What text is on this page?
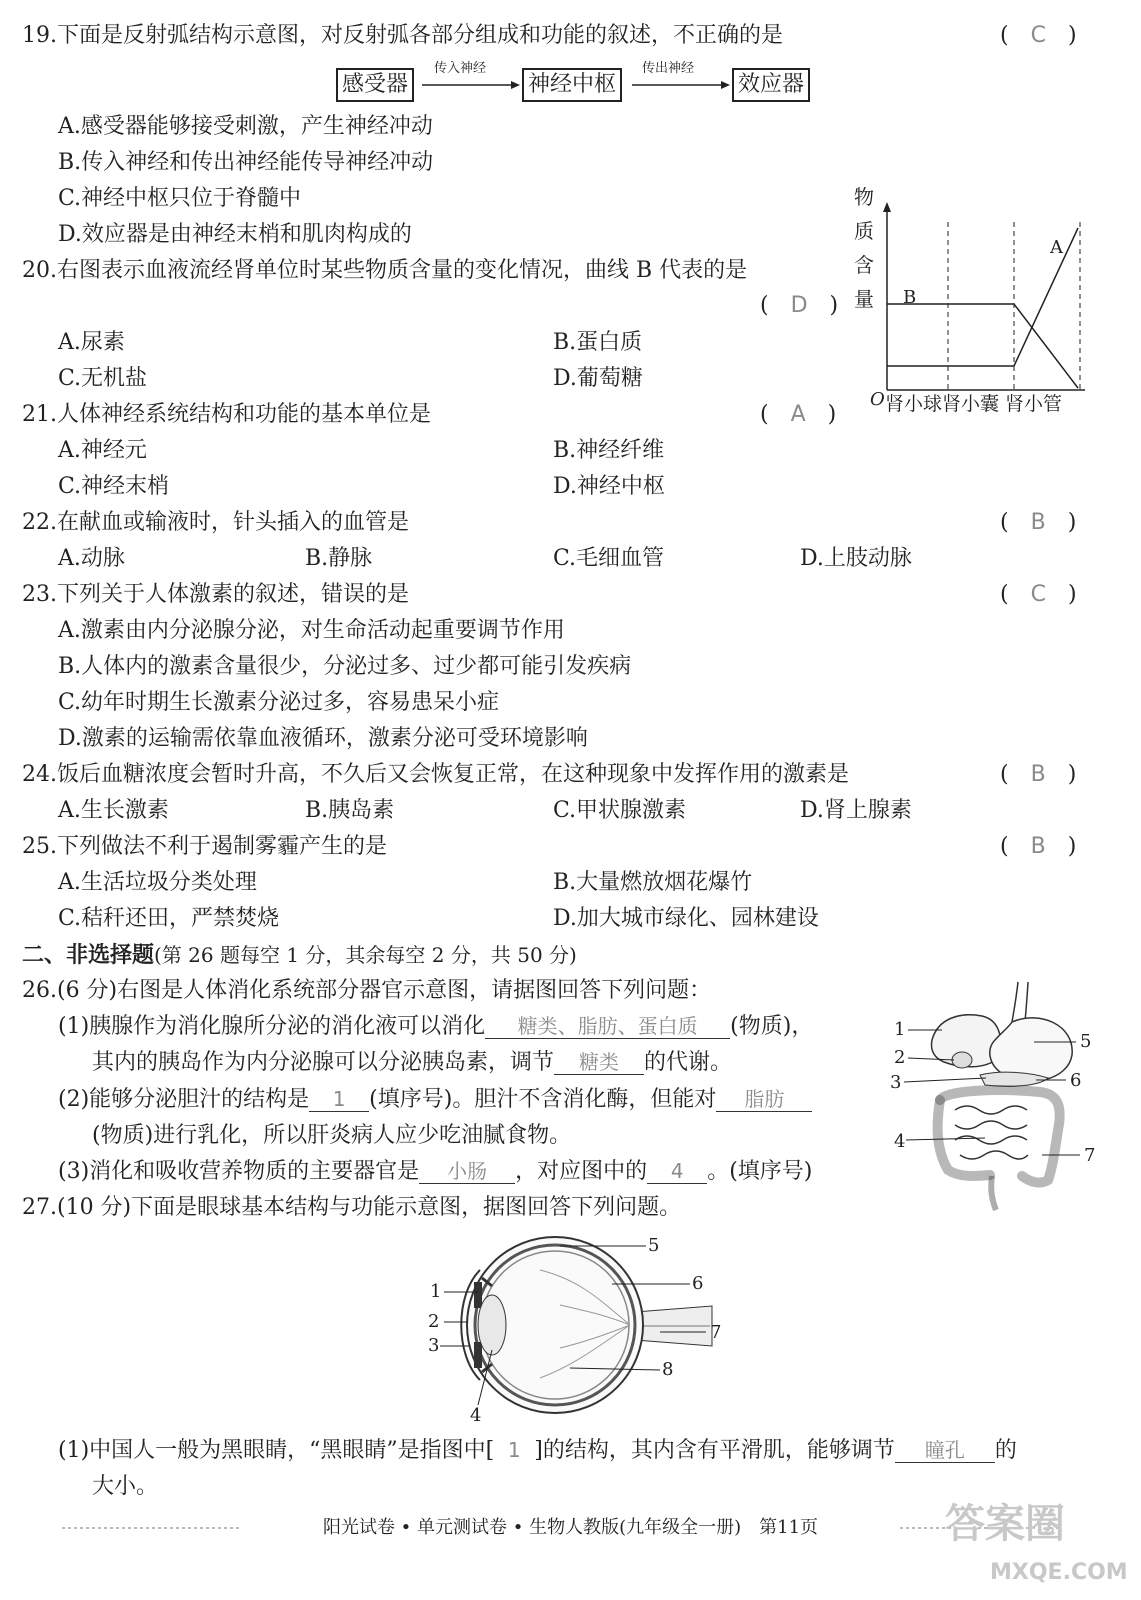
19.下面是反射弧结构示意图，对反射弧各部分组成和功能的叙述，不正确的是	(　C　)
感受器
传入神经
神经中枢
传出神经
效应器
A.感受器能够接受刺激，产生神经冲动
B.传入神经和传出神经能传导神经冲动
C.神经中枢只位于脊髓中
D.效应器是由神经末梢和肌肉构成的
20.右图表示血液流经肾单位时某些物质含量的变化情况，曲线 B 代表的是
(　D　)
A.尿素	B.蛋白质
C.无机盐	D.葡萄糖
物
质
含
量 B
A
O 肾小球肾小囊 肾小管
21.人体神经系统结构和功能的基本单位是	(　A　)
A.神经元	B.神经纤维
C.神经末梢	D.神经中枢
22.在献血或输液时，针头插入的血管是	(　B　)
A.动脉	B.静脉	C.毛细血管	D.上肢动脉
23.下列关于人体激素的叙述，错误的是	(　C　)
A.激素由内分泌腺分泌，对生命活动起重要调节作用
B.人体内的激素含量很少，分泌过多、过少都可能引发疾病
C.幼年时期生长激素分泌过多，容易患呆小症
D.激素的运输需依靠血液循环，激素分泌可受环境影响
24.饭后血糖浓度会暂时升高，不久后又会恢复正常，在这种现象中发挥作用的激素是	(　B　)
A.生长激素	B.胰岛素	C.甲状腺激素	D.肾上腺素
25.下列做法不利于遏制雾霾产生的是	(　B　)
A.生活垃圾分类处理	B.大量燃放烟花爆竹
C.秸秆还田，严禁焚烧	D.加大城市绿化、园林建设
二、非选择题(第 26 题每空 1 分，其余每空 2 分，共 50 分)
26.(6 分)右图是人体消化系统部分器官示意图，请据图回答下列问题：
(1)胰腺作为消化腺所分泌的消化液可以消化 糖类、脂肪、蛋白质 (物质)，
其内的胰岛作为内分泌腺可以分泌胰岛素，调节 糖类 的代谢。
(2)能够分泌胆汁的结构是 1 (填序号)。胆汁不含消化酶，但能对 脂肪
(物质)进行乳化，所以肝炎病人应少吃油腻食物。
(3)消化和吸收营养物质的主要器官是 小肠 ，对应图中的 4 。(填序号)
1
2
3
4
5
6
7
27.(10 分)下面是眼球基本结构与功能示意图，据图回答下列问题。
1
2
3
4
5
6
7
8
(1)中国人一般为黑眼睛，“黑眼睛”是指图中[ 1 ]的结构，其内含有平滑肌，能够调节 瞳孔 的
大小。
阳光试卷 • 单元测试卷 • 生物人教版(九年级全一册)　第11页	答案圈
MXQE.COM
